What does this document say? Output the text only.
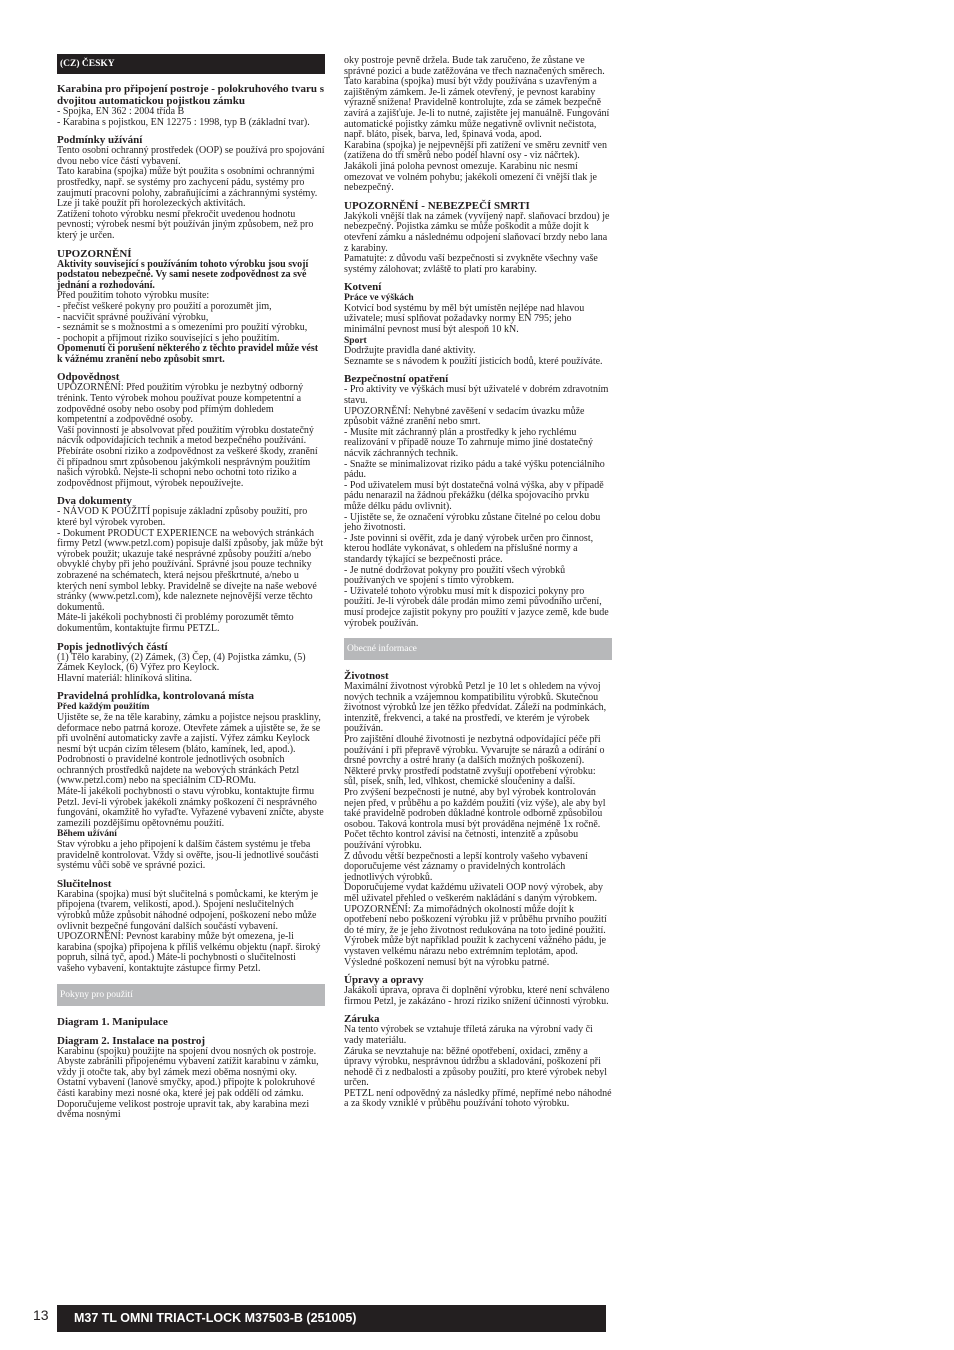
(CZ) ČESKY
Karabina pro připojení postroje - polokruhového tvaru s dvojitou automatickou pojistkou zámku
- Spojka, EN 362 : 2004 třída B
- Karabina s pojistkou, EN 12275 : 1998, typ B (základní tvar).
Podmínky užívání
Tento osobní ochranný prostředek (OOP) se používá pro spojování dvou nebo více částí vybavení.
Tato karabina (spojka) může být použita s osobními ochrannými prostředky, např. se systémy pro zachycení pádu, systémy pro zaujmutí pracovní polohy, zabraňujícími a záchrannými systémy. Lze ji také použít při horolezeckých aktivitách.
Zatížení tohoto výrobku nesmí překročit uvedenou hodnotu pevnosti; výrobek nesmí být používán jiným způsobem, než pro který je určen.
UPOZORNĚNÍ
Aktivity související s používáním tohoto výrobku jsou svojí podstatou nebezpečné. Vy sami nesete zodpovědnost za své jednání a rozhodování.
Před použitím tohoto výrobku musíte:
- přečíst veškeré pokyny pro použití a porozumět jim,
- nacvičit správné používání výrobku,
- seznámit se s možnostmi a s omezeními pro použití výrobku,
- pochopit a přijmout riziko související s jeho použitím.
Opomenutí či porušení některého z těchto pravidel může vést k vážnému zranění nebo způsobit smrt.
Odpovědnost
UPOZORNĚNÍ: Před použitím výrobku je nezbytný odborný trénink. Tento výrobek mohou používat pouze kompetentní a zodpovědné osoby nebo osoby pod přímým dohledem kompetentní a zodpovědné osoby.
Vaší povinností je absolvovat před použitím výrobku dostatečný nácvik odpovídajících technik a metod bezpečného používání. Přebíráte osobní riziko a zodpovědnost za veškeré škody, zranění či případnou smrt způsobenou jakýmkoli nesprávným použitím našich výrobků. Nejste-li schopni nebo ochotni toto riziko a zodpovědnost přijmout, výrobek nepoužívejte.
Dva dokumenty
- NÁVOD K POUŽITÍ popisuje základní způsoby použití, pro které byl výrobek vyroben.
- Dokument PRODUCT EXPERIENCE na webových stránkách firmy Petzl (www.petzl.com) popisuje další způsoby, jak může být výrobek použit; ukazuje také nesprávné způsoby použití a/nebo obvyklé chyby při jeho používání. Správné jsou pouze techniky zobrazené na schématech, která nejsou přeškrtnuté, a/nebo u kterých není symbol lebky. Pravidelně se dívejte na naše webové stránky (www.petzl.com), kde naleznete nejnovější verze těchto dokumentů.
Máte-li jakékoli pochybnosti či problémy porozumět těmto dokumentům, kontaktujte firmu PETZL.
Popis jednotlivých částí
(1) Tělo karabiny, (2) Zámek, (3) Čep, (4) Pojistka zámku, (5) Zámek Keylock, (6) Výřez pro Keylock.
Hlavní materiál: hliníková slitina.
Pravidelná prohlídka, kontrolovaná místa
Před každým použitím
Ujistěte se, že na těle karabiny, zámku a pojistce nejsou praskliny, deformace nebo patrná koroze. Otevřete zámek a ujistěte se, že se při uvolnění automaticky zavře a zajistí. Výřez zámku Keylock nesmí být ucpán cizím tělesem (bláto, kamínek, led, apod.). Podrobnosti o pravidelné kontrole jednotlivých osobních ochranných prostředků najdete na webových stránkách Petzl (www.petzl.com) nebo na speciálním CD-ROMu.
Máte-li jakékoli pochybnosti o stavu výrobku, kontaktujte firmu Petzl. Jeví-li výrobek jakékoli známky poškození či nesprávného fungování, okamžitě ho vyřaďte. Vyřazené vybavení zničte, abyste zamezili pozdějšímu opětovnému použití.
Během užívání
Stav výrobku a jeho připojení k dalším částem systému je třeba pravidelně kontrolovat. Vždy si ověřte, jsou-li jednotlivé součásti systému vůči sobě ve správné pozici.
Slučitelnost
Karabina (spojka) musí být slučitelná s pomůckami, ke kterým je připojena (tvarem, velikostí, apod.). Spojení neslučitelných výrobků může způsobit náhodné odpojení, poškození nebo může ovlivnit bezpečné fungování dalších součástí vybavení.
UPOZORNĚNÍ: Pevnost karabiny může být omezena, je-li karabina (spojka) připojena k příliš velkému objektu (např. široký popruh, silná tyč, apod.) Máte-li pochybnosti o slučitelnosti vašeho vybavení, kontaktujte zástupce firmy Petzl.
Pokyny pro použití
Diagram 1. Manipulace
Diagram 2. Instalace na postroj
Karabinu (spojku) použijte na spojení dvou nosných ok postroje. Abyste zabránili připojenému vybavení zatížit karabinu v zámku, vždy ji otočte tak, aby byl zámek mezi oběma nosnými oky. Ostatní vybavení (lanové smyčky, apod.) připojte k polokruhové části karabiny mezi nosné oka, které jej pak oddělí od zámku. Doporučujeme velikost postroje upravit tak, aby karabina mezi dvěma nosnými
oky postroje pevně držela. Bude tak zaručeno, že zůstane ve správné pozici a bude zatěžována ve třech naznačených směrech.
Tato karabina (spojka) musí být vždy používána s uzavřeným a zajištěným zámkem. Je-li zámek otevřený, je pevnost karabiny výrazně snížena! Pravidelně kontrolujte, zda se zámek bezpečně zavírá a zajišťuje. Je-li to nutné, zajistěte jej manuálně. Fungování automatické pojistky zámku může negativně ovlivnit nečistota, např. bláto, písek, barva, led, špinavá voda, apod.
Karabina (spojka) je nejpevnější při zatížení ve směru zevnitř ven (zatížena do tří směrů nebo podél hlavní osy - viz náčrtek). Jakákoli jiná poloha pevnost omezuje. Karabinu nic nesmí omezovat ve volném pohybu; jakékoli omezení či vnější tlak je nebezpečný.
UPOZORNĚNÍ - NEBEZPEČÍ SMRTI
Jakýkoli vnější tlak na zámek (vyvíjený např. slaňovací brzdou) je nebezpečný. Pojistka zámku se může poškodit a může dojít k otevření zámku a následnému odpojení slaňovací brzdy nebo lana z karabiny.
Pamatujte: z důvodu vaší bezpečnosti si zvykněte všechny vaše systémy zálohovat; zvláště to platí pro karabiny.
Kotvení
Práce ve výškách
Kotvicí bod systému by měl být umístěn nejlépe nad hlavou uživatele; musí splňovat požadavky normy EN 795; jeho minimální pevnost musí být alespoň 10 kN.
Sport
Dodržujte pravidla dané aktivity.
Seznamte se s návodem k použití jisticích bodů, které používáte.
Bezpečnostní opatření
- Pro aktivity ve výškách musí být uživatelé v dobrém zdravotním stavu.
UPOZORNĚNÍ: Nehybné zavěšení v sedacím úvazku může způsobit vážné zranění nebo smrt.
- Musíte mít záchranný plán a prostředky k jeho rychlému realizování v případě nouze To zahrnuje mimo jiné dostatečný nácvik záchranných technik.
- Snažte se minimalizovat riziko pádu a také výšku potenciálního pádu.
- Pod uživatelem musí být dostatečná volná výška, aby v případě pádu nenarazil na žádnou překážku (délka spojovacího prvku může délku pádu ovlivnit).
- Ujistěte se, že označení výrobku zůstane čitelné po celou dobu jeho životnosti.
- Jste povinni si ověřit, zda je daný výrobek určen pro činnost, kterou hodláte vykonávat, s ohledem na příslušné normy a standardy týkající se bezpečnosti práce.
- Je nutné dodržovat pokyny pro použití všech výrobků používaných ve spojení s tímto výrobkem.
- Uživatelé tohoto výrobku musí mít k dispozici pokyny pro použití. Je-li výrobek dále prodán mimo zemi původního určení, musí prodejce zajistit pokyny pro použití v jazyce země, kde bude výrobek používán.
Obecné informace
Životnost
Maximální životnost výrobků Petzl je 10 let s ohledem na vývoj nových technik a vzájemnou kompatibilitu výrobků. Skutečnou životnost výrobků lze jen těžko předvídat. Záleží na podmínkách, intenzitě, frekvenci, a také na prostředí, ve kterém je výrobek používán.
Pro zajištění dlouhé životnosti je nezbytná odpovídající péče při používání i při přepravě výrobku. Vyvarujte se nárazů a odírání o drsné povrchy a ostré hrany (a dalších možných poškození).
Některé prvky prostředí podstatně zvyšují opotřebení výrobku: sůl, písek, sníh, led, vlhkost, chemické sloučeniny a další.
Pro zvýšení bezpečnosti je nutné, aby byl výrobek kontrolován nejen před, v průběhu a po každém použití (viz výše), ale aby byl také pravidelně podroben důkladné kontrole odborně způsobilou osobou. Taková kontrola musí být prováděna nejméně 1x ročně. Počet těchto kontrol závisí na četnosti, intenzitě a způsobu používání výrobku.
Z důvodu větší bezpečnosti a lepší kontroly vašeho vybavení doporučujeme vést záznamy o pravidelných kontrolách jednotlivých výrobků.
Doporučujeme vydat každému uživateli OOP nový výrobek, aby měl uživatel přehled o veškerém nakládání s daným výrobkem.
UPOZORNĚNÍ: Za mimořádných okolností může dojít k opotřebení nebo poškození výrobku již v průběhu prvního použití do té míry, že je jeho životnost redukována na toto jediné použití.
Výrobek může být například použit k zachycení vážného pádu, je vystaven velkému nárazu nebo extrémním teplotám, apod. Výsledné poškození nemusí být na výrobku patrné.
Úpravy a opravy
Jakákoli úprava, oprava či doplnění výrobku, které není schváleno firmou Petzl, je zakázáno - hrozí riziko snížení účinnosti výrobku.
Záruka
Na tento výrobek se vztahuje tříletá záruka na výrobní vady či vady materiálu.
Záruka se nevztahuje na: běžné opotřebení, oxidaci, změny a úpravy výrobku, nesprávnou údržbu a skladování, poškození při nehodě či z nedbalosti a způsoby použití, pro které výrobek nebyl určen.
PETZL není odpovědný za následky přímé, nepřímé nebo náhodné a za škody vzniklé v průběhu používání tohoto výrobku.
13	M37 TL OMNI TRIACT-LOCK M37503-B (251005)
